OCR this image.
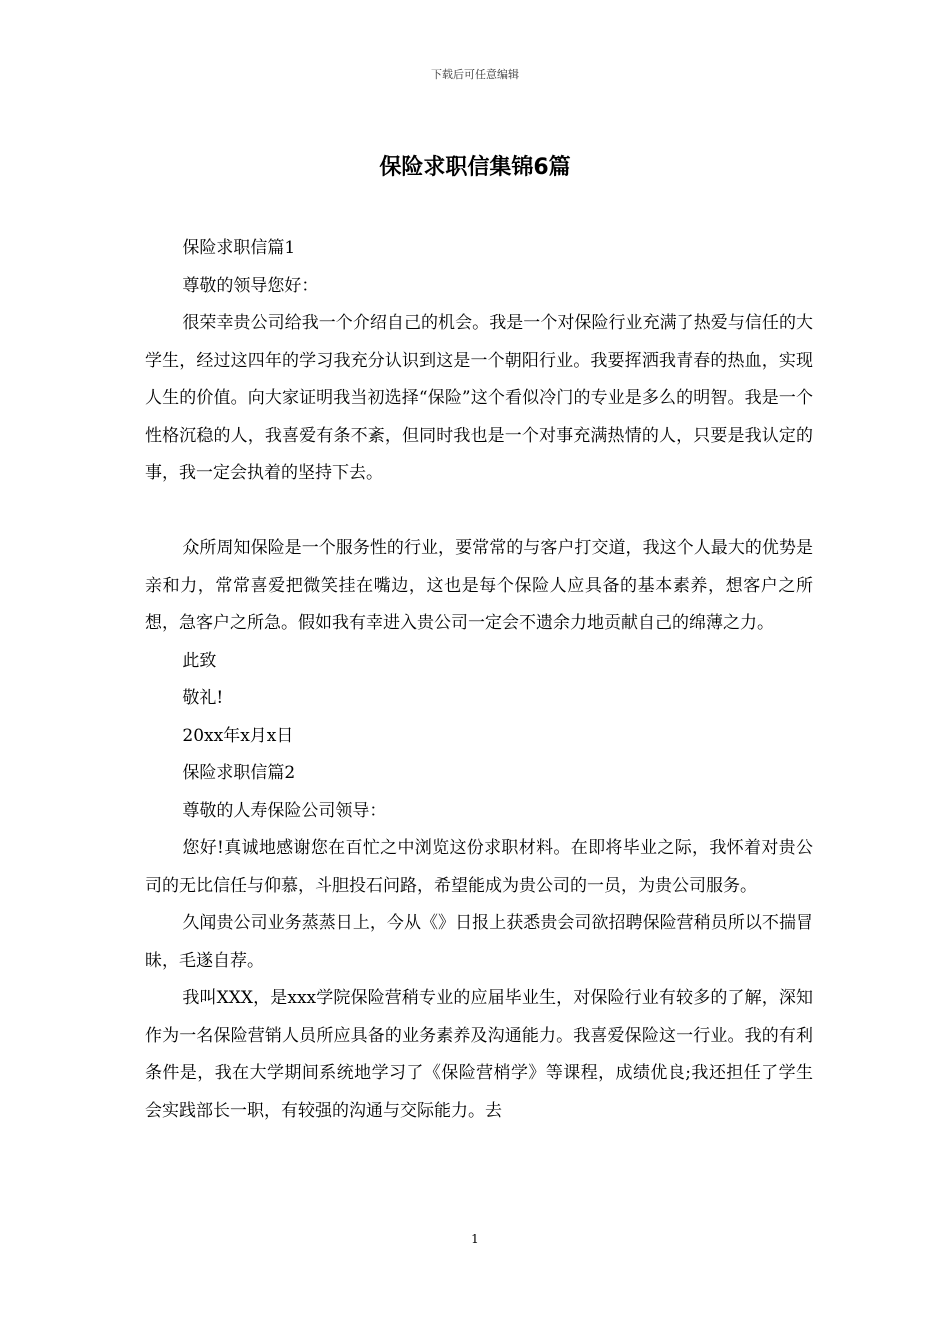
下载后可任意编辑
保险求职信集锦6篇

保险求职信篇1

尊敬的领导您好：

很荣幸贵公司给我一个介绍自己的机会。我是一个对保险行业充满了热爱与信任的大学生，经过这四年的学习我充分认识到这是一个朝阳行业。我要挥洒我青春的热血，实现人生的价值。向大家证明我当初选择“保险”这个看似冷门的专业是多么的明智。我是一个性格沉稳的人，我喜爱有条不紊，但同时我也是一个对事充满热情的人，只要是我认定的事，我一定会执着的坚持下去。

众所周知保险是一个服务性的行业，要常常的与客户打交道，我这个人最大的优势是亲和力，常常喜爱把微笑挂在嘴边，这也是每个保险人应具备的基本素养，想客户之所想，急客户之所急。假如我有幸进入贵公司一定会不遗余力地贡献自己的绵薄之力。

此致

敬礼!

20xx年x月x日

保险求职信篇2

尊敬的人寿保险公司领导：

您好!真诚地感谢您在百忙之中浏览这份求职材料。在即将毕业之际，我怀着对贵公司的无比信任与仰慕，斗胆投石问路，希望能成为贵公司的一员，为贵公司服务。

久闻贵公司业务蒸蒸日上，今从《》日报上获悉贵会司欲招聘保险营稍员所以不揣冒昧，毛遂自荐。

我叫XXX，是xxx学院保险营稍专业的应届毕业生，对保险行业有较多的了解，深知作为一名保险营销人员所应具备的业务素养及沟通能力。我喜爱保险这一行业。我的有利条件是，我在大学期间系统地学习了《保险营梢学》等课程，成绩优良;我还担任了学生会实践部长一职，有较强的沟通与交际能力。去

1
